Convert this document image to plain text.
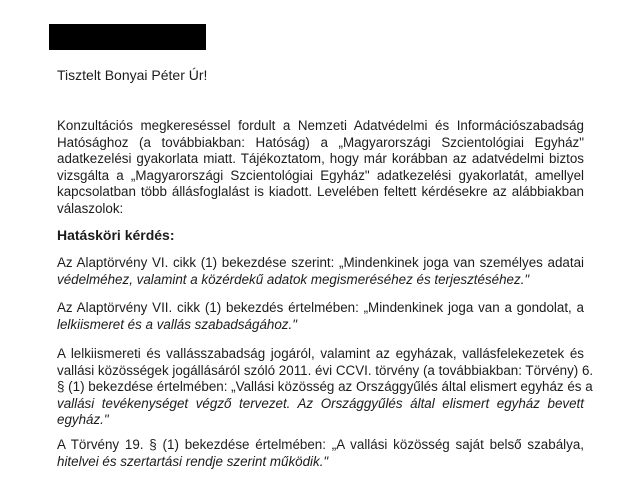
Tisztelt Bonyai Péter Úr!
Konzultációs megkereséssel fordult a Nemzeti Adatvédelmi és Információszabadság
Hatósághoz (a továbbiakban: Hatóság) a „Magyarországi Szcientológiai Egyház"
adatkezelési gyakorlata miatt. Tájékoztatom, hogy már korábban az adatvédelmi biztos
vizsgálta a „Magyarországi Szcientológiai Egyház" adatkezelési gyakorlatát, amellyel
kapcsolatban több állásfoglalást is kiadott. Levelében feltett kérdésekre az alábbiakban
válaszolok:
Hatásköri kérdés:
Az Alaptörvény VI. cikk (1) bekezdése szerint: „Mindenkinek joga van személyes adatai
védelméhez, valamint a közérdekű adatok megismeréséhez és terjesztéséhez."
Az Alaptörvény VII. cikk (1) bekezdés értelmében: „Mindenkinek joga van a gondolat, a
lelkiismeret és a vallás szabadságához."
A lelkiismereti és vallásszabadság jogáról, valamint az egyházak, vallásfelekezetek és
vallási közösségek jogállásáról szóló 2011. évi CCVI. törvény (a továbbiakban: Törvény) 6.
§ (1) bekezdése értelmében: „Vallási közösség az Országgyűlés által elismert egyház és a
vallási tevékenységet végző tervezet. Az Országgyűlés által elismert egyház bevett
egyház."
A Törvény 19. § (1) bekezdése értelmében: „A vallási közösség saját belső szabálya,
hitelvei és szertartási rendje szerint működik."
